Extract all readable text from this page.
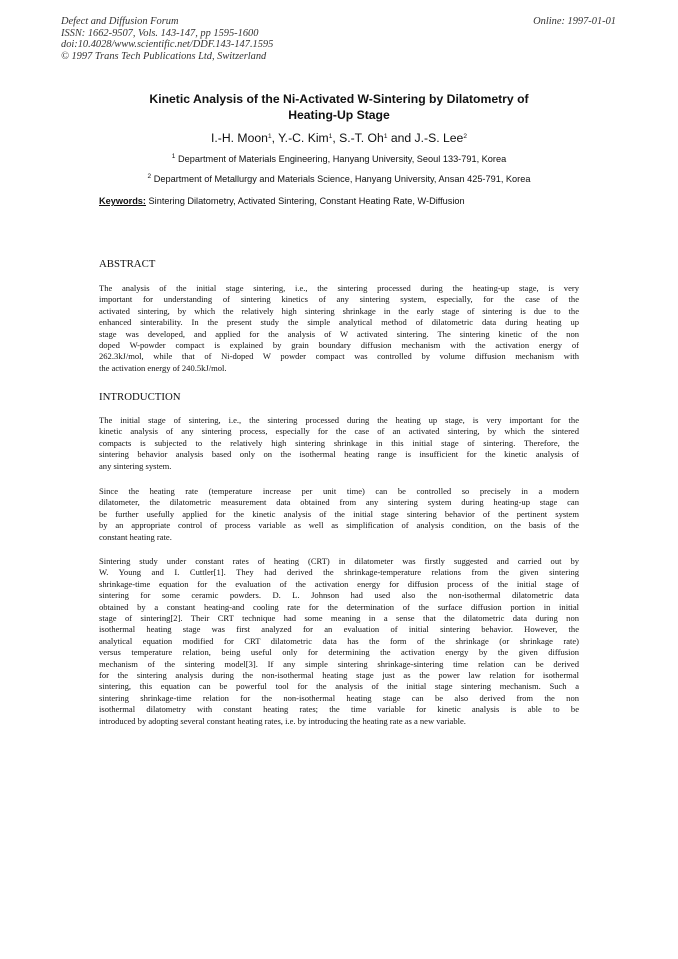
Defect and Diffusion Forum
ISSN: 1662-9507, Vols. 143-147, pp 1595-1600
doi:10.4028/www.scientific.net/DDF.143-147.1595
© 1997 Trans Tech Publications Ltd, Switzerland
Online: 1997-01-01
Kinetic Analysis of the Ni-Activated W-Sintering by Dilatometry of
Heating-Up Stage
I.-H. Moon$^1$, Y.-C. Kim$^1$, S.-T. Oh$^1$ and J.-S. Lee$^2$
$^1$ Department of Materials Engineering, Hanyang University, Seoul 133-791, Korea
$^2$ Department of Metallurgy and Materials Science, Hanyang University, Ansan 425-791, Korea
Keywords: Sintering Dilatometry, Activated Sintering, Constant Heating Rate, W-Diffusion
ABSTRACT
The analysis of the initial stage sintering, i.e., the sintering processed during the heating-up stage, is very
important for understanding of sintering kinetics of any sintering system, especially, for the case of the
activated sintering, by which the relatively high sintering shrinkage in the early stage of sintering is due to the
enhanced sinterability. In the present study the simple analytical method of dilatometric data during heating up
stage was developed, and applied for the analysis of W activated sintering. The sintering kinetic of the non
doped W-powder compact is explained by grain boundary diffusion mechanism with the activation energy of
262.3kJ/mol, while that of Ni-doped W powder compact was controlled by volume diffusion mechanism with
the activation energy of 240.5kJ/mol.
INTRODUCTION
The initial stage of sintering, i.e., the sintering processed during the heating up stage, is very important for the
kinetic analysis of any sintering process, especially for the case of an activated sintering, by which the sintered
compacts is subjected to the relatively high sintering shrinkage in this initial stage of sintering. Therefore, the
sintering behavior analysis based only on the isothermal heating range is insufficient for the kinetic analysis of
any sintering system.
Since the heating rate (temperature increase per unit time) can be controlled so precisely in a modern
dilatometer, the dilatometric measurement data obtained from any sintering system during heating-up stage can
be further usefully applied for the kinetic analysis of the initial stage sintering behavior of the pertinent system
by an appropriate control of process variable as well as simplification of analysis condition, on the basis of the
constant heating rate.
Sintering study under constant rates of heating (CRT) in dilatometer was firstly suggested and carried out by
W. Young and I. Cuttler[1]. They had derived the shrinkage-temperature relations from the given sintering
shrinkage-time equation for the evaluation of the activation energy for diffusion process of the initial stage of
sintering for some ceramic powders. D. L. Johnson had used also the non-isothermal dilatometric data
obtained by a constant heating-and cooling rate for the determination of the surface diffusion portion in initial
stage of sintering[2]. Their CRT technique had some meaning in a sense that the dilatometric data during non
isothermal heating stage was first analyzed for an evaluation of initial sintering behavior. However, the
analytical equation modified for CRT dilatometric data has the form of the shrinkage (or shrinkage rate)
versus temperature relation, being useful only for determining the activation energy by the given diffusion
mechanism of the sintering model[3]. If any simple sintering shrinkage-sintering time relation can be derived
for the sintering analysis during the non-isothermal heating stage just as the power law relation for isothermal
sintering, this equation can be powerful tool for the analysis of the initial stage sintering mechanism. Such a
sintering shrinkage-time relation for the non-isothermal heating stage can be also derived from the non
isothermal dilatometry with constant heating rates; the time variable for kinetic analysis is able to be
introduced by adopting several constant heating rates, i.e. by introducing the heating rate as a new variable.
